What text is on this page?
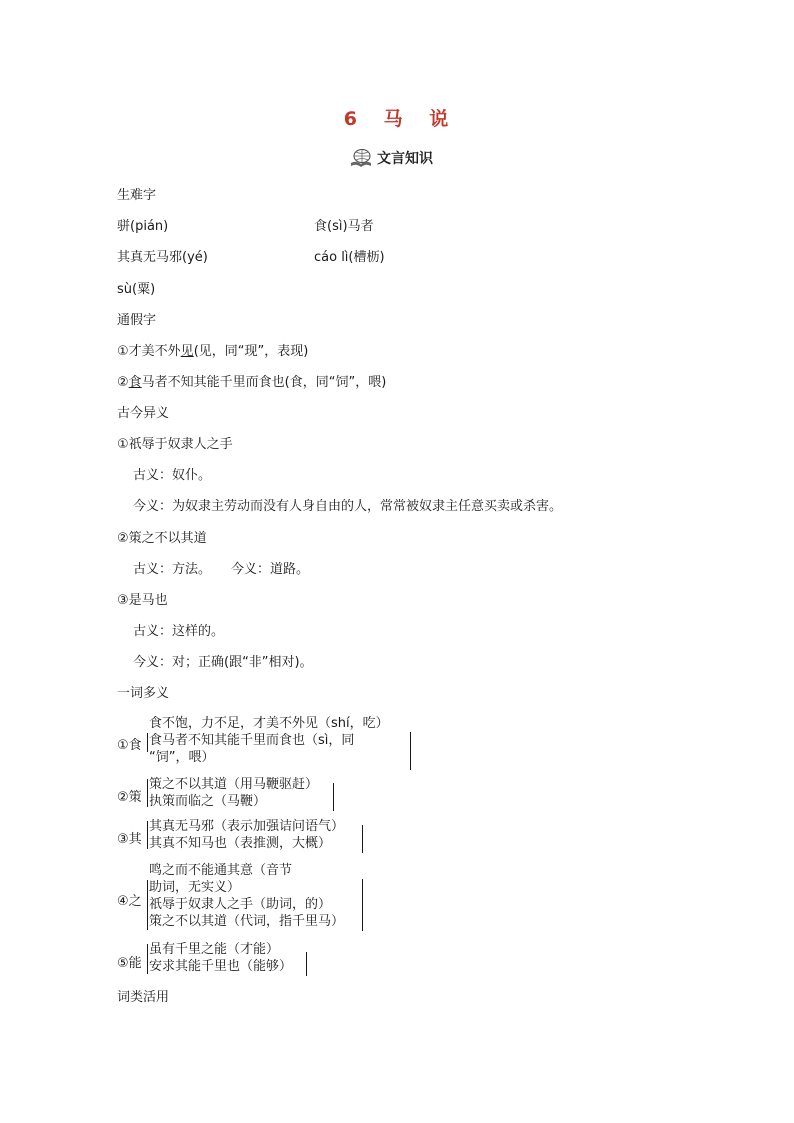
6 马 说
文言知识
生难字
骈(pián)	食(sì)马者
其真无马邪(yé)	cáo lì(槽枥)
sù(粟)
通假字
①才美不外见(见，同“现”，表现)
②食马者不知其能千里而食也(食，同“饲”，喂)
古今异义
①祇辱于奴隶人之手
古义：奴仆。
今义：为奴隶主劳动而没有人身自由的人，常常被奴隶主任意买卖或杀害。
②策之不以其道
古义：方法。 今义：道路。
③是马也
古义：这样的。
今义：对；正确(跟“非”相对)。
一词多义
①食
食不饱，力不足，才美不外见（shí，吃）
食马者不知其能千里而食也（sì，同
“饲”，喂）
②策
策之不以其道（用马鞭驱赶）
执策而临之（马鞭）
③其
其真无马邪（表示加强诘问语气）
其真不知马也（表推测，大概）
④之
鸣之而不能通其意（音节
助词，无实义）
祇辱于奴隶人之手（助词，的）
策之不以其道（代词，指千里马）
⑤能
虽有千里之能（才能）
安求其能千里也（能够）
词类活用
